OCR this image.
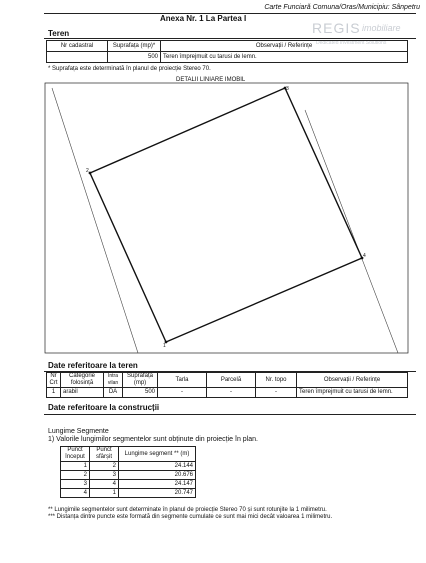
Carte Funciară Comuna/Oras/Municipiu: Sânpetru
Anexa Nr. 1 La Partea I
REGIS imobiliare
Dedicated Investment Solutions
Teren
Nr cadastral	Suprafața (mp)*	Observații / Referințe
	500	Teren împrejmuit cu tarusi de lemn.
* Suprafața este determinată în planul de proiecție Stereo 70.
DETALII LINIARE IMOBIL
2
3
4
1
Date referitoare la teren
Nr Crt	Categorie folosință	Intra vilan	Suprafața (mp)	Tarla	Parcelă	Nr. topo	Observații / Referințe
1	arabil	DA	500	-	-	-	Teren împrejmuit cu tarusi de lemn.
Date referitoare la construcții
Lungime Segmente
1) Valorile lungimilor segmentelor sunt obținute din proiecție în plan.
Punct început	Punct sfârșit	Lungime segment ** (m)
1	2	24.144
2	3	20.676
3	4	24.147
4	1	20.747
** Lungimile segmentelor sunt determinate în planul de proiecție Stereo 70 și sunt rotunjite la 1 milimetru.
*** Distanța dintre puncte este formată din segmente cumulate ce sunt mai mici decât valoarea 1 milimetru.
